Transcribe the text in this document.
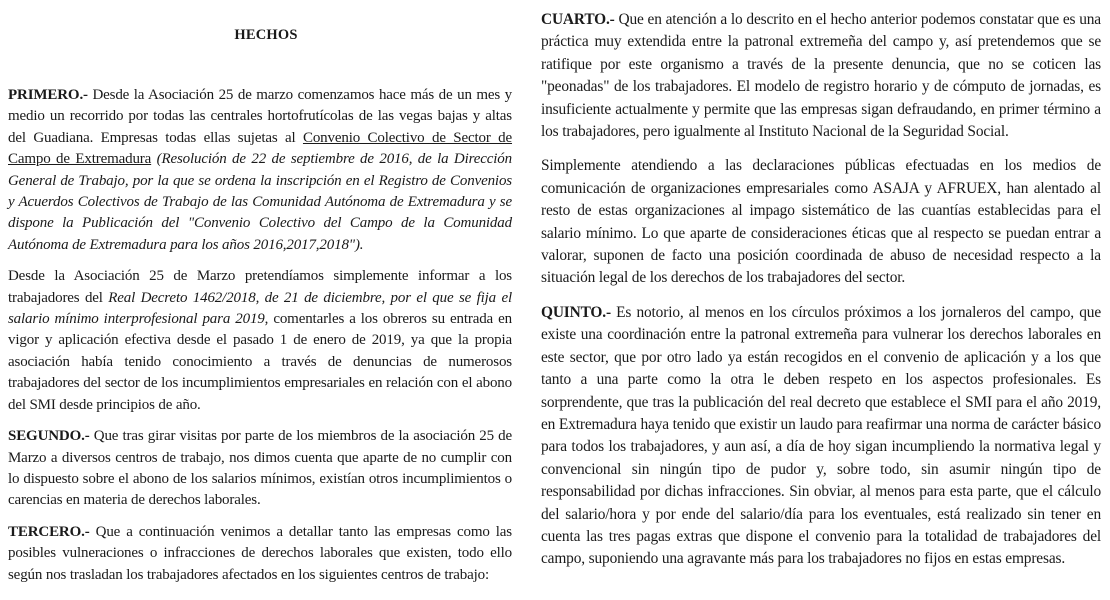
HECHOS

PRIMERO.- Desde la Asociación 25 de marzo comenzamos hace más de un mes y medio un recorrido por todas las centrales hortofrutícolas de las vegas bajas y altas del Guadiana. Empresas todas ellas sujetas al Convenio Colectivo de Sector de Campo de Extremadura (Resolución de 22 de septiembre de 2016, de la Dirección General de Trabajo, por la que se ordena la inscripción en el Registro de Convenios y Acuerdos Colectivos de Trabajo de las Comunidad Autónoma de Extremadura y se dispone la Publicación del "Convenio Colectivo del Campo de la Comunidad Autónoma de Extremadura para los años 2016,2017,2018").

Desde la Asociación 25 de Marzo pretendíamos simplemente informar a los trabajadores del Real Decreto 1462/2018, de 21 de diciembre, por el que se fija el salario mínimo interprofesional para 2019, comentarles a los obreros su entrada en vigor y aplicación efectiva desde el pasado 1 de enero de 2019, ya que la propia asociación había tenido conocimiento a través de denuncias de numerosos trabajadores del sector de los incumplimientos empresariales en relación con el abono del SMI desde principios de año.

SEGUNDO.- Que tras girar visitas por parte de los miembros de la asociación 25 de Marzo a diversos centros de trabajo, nos dimos cuenta que aparte de no cumplir con lo dispuesto sobre el abono de los salarios mínimos, existían otros incumplimientos o carencias en materia de derechos laborales.

TERCERO.- Que a continuación venimos a detallar tanto las empresas como las posibles vulneraciones o infracciones de derechos laborales que existen, todo ello según nos trasladan los trabajadores afectados en los siguientes centros de trabajo:

CUARTO.- Que en atención a lo descrito en el hecho anterior podemos constatar que es una práctica muy extendida entre la patronal extremeña del campo y, así pretendemos que se ratifique por este organismo a través de la presente denuncia, que no se coticen las "peonadas" de los trabajadores. El modelo de registro horario y de cómputo de jornadas, es insuficiente actualmente y permite que las empresas sigan defraudando, en primer término a los trabajadores, pero igualmente al Instituto Nacional de la Seguridad Social.

Simplemente atendiendo a las declaraciones públicas efectuadas en los medios de comunicación de organizaciones empresariales como ASAJA y AFRUEX, han alentado al resto de estas organizaciones al impago sistemático de las cuantías establecidas para el salario mínimo. Lo que aparte de consideraciones éticas que al respecto se puedan entrar a valorar, suponen de facto una posición coordinada de abuso de necesidad respecto a la situación legal de los derechos de los trabajadores del sector.

QUINTO.- Es notorio, al menos en los círculos próximos a los jornaleros del campo, que existe una coordinación entre la patronal extremeña para vulnerar los derechos laborales en este sector, que por otro lado ya están recogidos en el convenio de aplicación y a los que tanto a una parte como la otra le deben respeto en los aspectos profesionales. Es sorprendente, que tras la publicación del real decreto que establece el SMI para el año 2019, en Extremadura haya tenido que existir un laudo para reafirmar una norma de carácter básico para todos los trabajadores, y aun así, a día de hoy sigan incumpliendo la normativa legal y convencional sin ningún tipo de pudor y, sobre todo, sin asumir ningún tipo de responsabilidad por dichas infracciones. Sin obviar, al menos para esta parte, que el cálculo del salario/hora y por ende del salario/día para los eventuales, está realizado sin tener en cuenta las tres pagas extras que dispone el convenio para la totalidad de trabajadores del campo, suponiendo una agravante más para los trabajadores no fijos en estas empresas.
